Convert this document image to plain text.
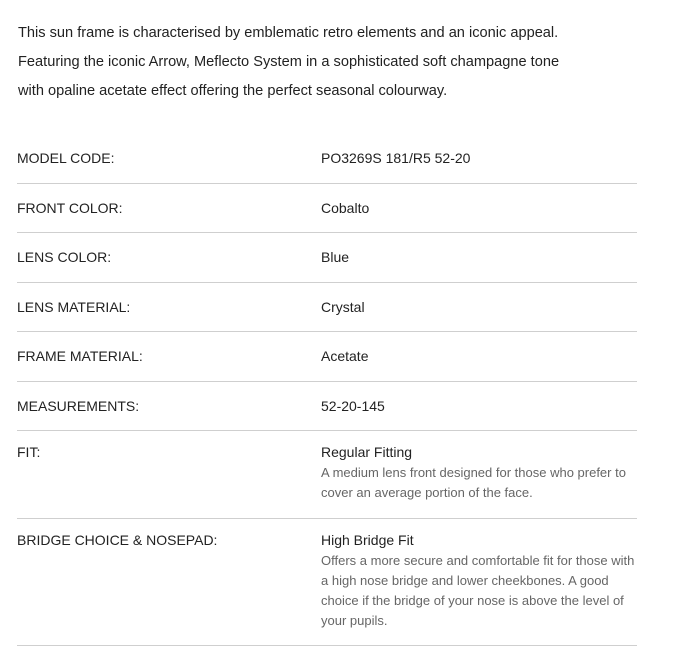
This sun frame is characterised by emblematic retro elements and an iconic appeal.
Featuring the iconic Arrow, Meflecto System in a sophisticated soft champagne tone
with opaline acetate effect offering the perfect seasonal colourway.
MODEL CODE:	PO3269S 181/R5 52-20
FRONT COLOR:	Cobalto
LENS COLOR:	Blue
LENS MATERIAL:	Crystal
FRAME MATERIAL:	Acetate
MEASUREMENTS:	52-20-145
FIT:	Regular Fitting
A medium lens front designed for those who prefer to cover an average portion of the face.
BRIDGE CHOICE & NOSEPAD:	High Bridge Fit
Offers a more secure and comfortable fit for those with a high nose bridge and lower cheekbones. A good choice if the bridge of your nose is above the level of your pupils.
